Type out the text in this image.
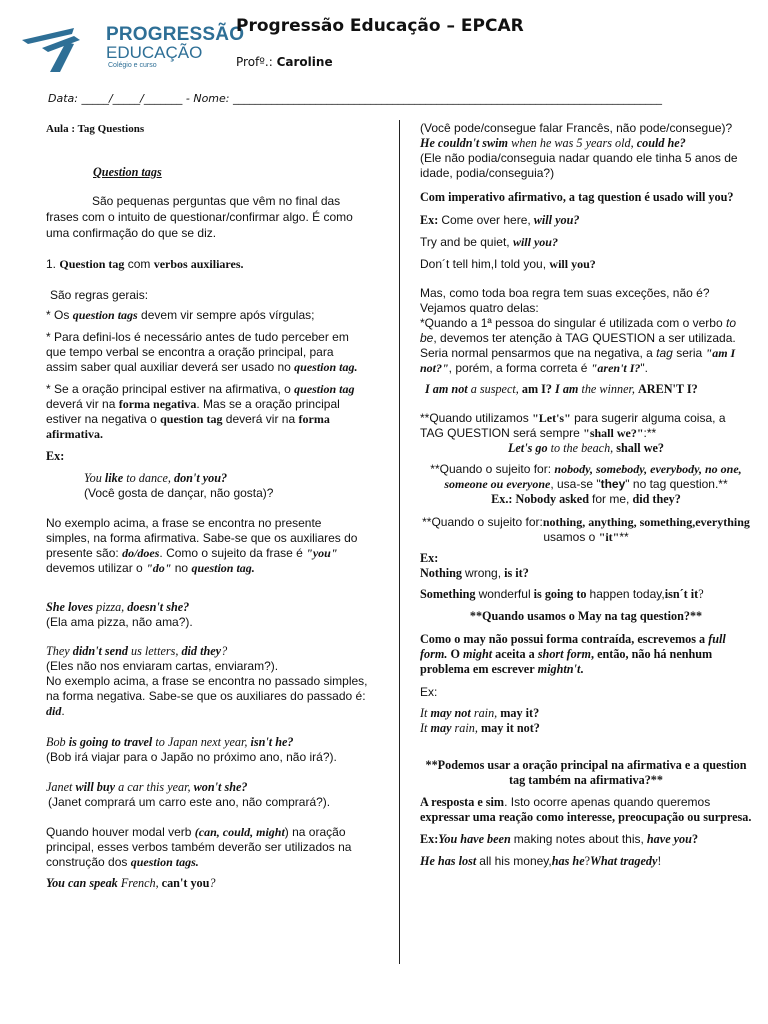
PROGRESSÃO
EDUCAÇÃO
Colégio e curso
Progressão Educação – EPCAR
Profº.: Caroline
Data: _____/_____/_______ - Nome: ______________________________________________________________________________

Aula : Tag Questions

Question tags

São pequenas perguntas que vêm no final das frases com o intuito de questionar/confirmar algo. É como uma confirmação do que se diz.

1. Question tag com verbos auxiliares.

São regras gerais:

* Os question tags devem vir sempre após vírgulas;

* Para defini-los é necessário antes de tudo perceber em que tempo verbal se encontra a oração principal, para assim saber qual auxiliar deverá ser usado no question tag.

* Se a oração principal estiver na afirmativa, o question tag deverá vir na forma negativa. Mas se a oração principal estiver na negativa o question tag deverá vir na forma afirmativa.

Ex:

You like to dance, don't you?

(Você gosta de dançar, não gosta)?

No exemplo acima, a frase se encontra no presente simples, na forma afirmativa. Sabe-se que os auxiliares do presente são: do/does. Como o sujeito da frase é "you" devemos utilizar o "do" no question tag.

She loves pizza, doesn't she?

(Ela ama pizza, não ama?).

They didn't send us letters, did they?

(Eles não nos enviaram cartas, enviaram?).

No exemplo acima, a frase se encontra no passado simples, na forma negativa. Sabe-se que os auxiliares do passado é: did.

Bob is going to travel to Japan next year, isn't he?

(Bob irá viajar para o Japão no próximo ano, não irá?).

Janet will buy a car this year, won't she?

(Janet comprará um carro este ano, não comprará?).

Quando houver modal verb (can, could, might) na oração principal, esses verbos também deverão ser utilizados na construção dos question tags.

You can speak French, can't you?

(Você pode/consegue falar Francês, não pode/consegue)?

He couldn't swim when he was 5 years old, could he?

(Ele não podia/conseguia nadar quando ele tinha 5 anos de idade, podia/conseguia?)

Com imperativo afirmativo, a tag question é usado will you?

Ex: Come over here, will you?

Try and be quiet, will you?

Don´t tell him,I told you, will you?

Mas, como toda boa regra tem suas exceções, não é? Vejamos quatro delas:

*Quando a 1ª pessoa do singular é utilizada com o verbo to be, devemos ter atenção à TAG QUESTION a ser utilizada. Seria normal pensarmos que na negativa, a tag seria "am I not?", porém, a forma correta é "aren't I?".

I am not a suspect, am I? I am the winner, AREN'T I?

**Quando utilizamos "Let's" para sugerir alguma coisa, a TAG QUESTION será sempre "shall we?":**

Let's go to the beach, shall we?

**Quando o sujeito for: nobody, somebody, everybody, no one, someone ou everyone, usa-se "they" no tag question.**

Ex.: Nobody asked for me, did they?

**Quando o sujeito for:nothing, anything, something,everything usamos o "it"**

Ex:

Nothing wrong, is it?

Something wonderful is going to happen today,isn´t it?

**Quando usamos o May na tag question?**

Como o may não possui forma contraída, escrevemos a full form. O might aceita a short form, então, não há nenhum problema em escrever mightn't.

Ex:

It may not rain, may it?

It may rain, may it not?

**Podemos usar a oração principal na afirmativa e a question tag também na afirmativa?**

A resposta e sim. Isto ocorre apenas quando queremos expressar uma reação como interesse, preocupação ou surpresa.

Ex:You have been making notes about this, have you?

He has lost all his money,has he?What tragedy!
